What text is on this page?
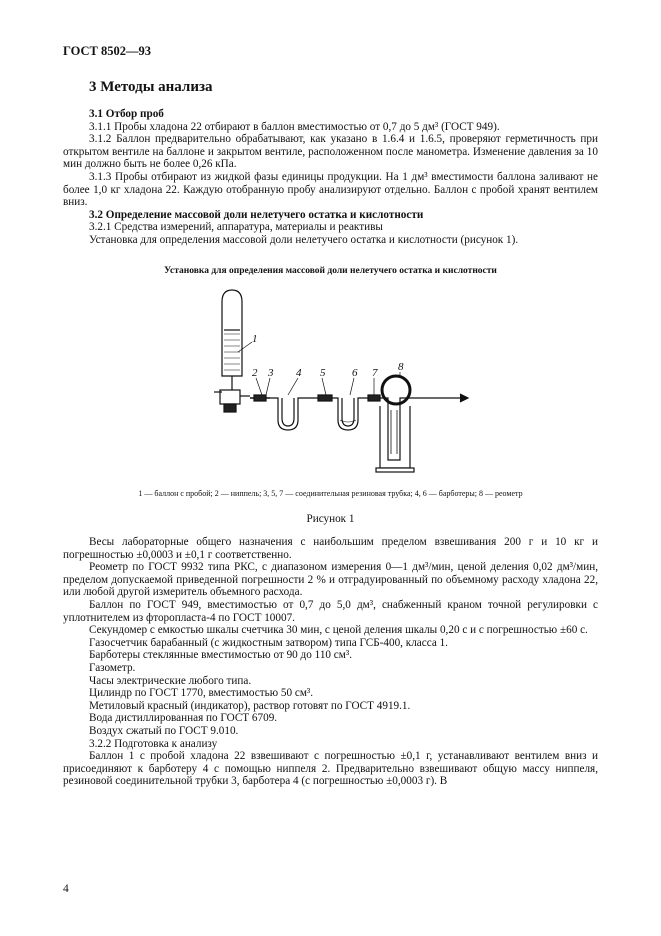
ГОСТ 8502—93
3 Методы анализа

3.1 Отбор проб

3.1.1 Пробы хладона 22 отбирают в баллон вместимостью от 0,7 до 5 дм³ (ГОСТ 949).

3.1.2 Баллон предварительно обрабатывают, как указано в 1.6.4 и 1.6.5, проверяют герметичность при открытом вентиле на баллоне и закрытом вентиле, расположенном после манометра. Изменение давления за 10 мин должно быть не более 0,26 кПа.

3.1.3 Пробы отбирают из жидкой фазы единицы продукции. На 1 дм³ вместимости баллона заливают не более 1,0 кг хладона 22. Каждую отобранную пробу анализируют отдельно. Баллон с пробой хранят вентилем вниз.

3.2 Определение массовой доли нелетучего остатка и кислотности

3.2.1 Средства измерений, аппаратура, материалы и реактивы

Установка для определения массовой доли нелетучего остатка и кислотности (рисунок 1).

Установка для определения массовой доли нелетучего остатка и кислотности
1
2 3 4 5 6 7 8
1 — баллон с пробой; 2 — ниппель; 3, 5, 7 — соединительная резиновая трубка; 4, 6 — барботеры; 8 — реометр
Рисунок 1

Весы лабораторные общего назначения с наибольшим пределом взвешивания 200 г и 10 кг и погрешностью ±0,0003 и ±0,1 г соответственно.

Реометр по ГОСТ 9932 типа РКС, с диапазоном измерения 0—1 дм³/мин, ценой деления 0,02 дм³/мин, пределом допускаемой приведенной погрешности 2 % и отградуированный по объемному расходу хладона 22, или любой другой измеритель объемного расхода.

Баллон по ГОСТ 949, вместимостью от 0,7 до 5,0 дм³, снабженный краном точной регулировки с уплотнителем из фторопласта-4 по ГОСТ 10007.

Секундомер с емкостью шкалы счетчика 30 мин, с ценой деления шкалы 0,20 с и с погрешностью ±60 с.

Газосчетчик барабанный (с жидкостным затвором) типа ГСБ-400, класса 1.

Барботеры стеклянные вместимостью от 90 до 110 см³.

Газометр.

Часы электрические любого типа.

Цилиндр по ГОСТ 1770, вместимостью 50 см³.

Метиловый красный (индикатор), раствор готовят по ГОСТ 4919.1.

Вода дистиллированная по ГОСТ 6709.

Воздух сжатый по ГОСТ 9.010.

3.2.2 Подготовка к анализу

Баллон 1 с пробой хладона 22 взвешивают с погрешностью ±0,1 г, устанавливают вентилем вниз и присоединяют к барботеру 4 с помощью ниппеля 2. Предварительно взвешивают общую массу ниппеля, резиновой соединительной трубки 3, барботера 4 (с погрешностью ±0,0003 г). В

4
